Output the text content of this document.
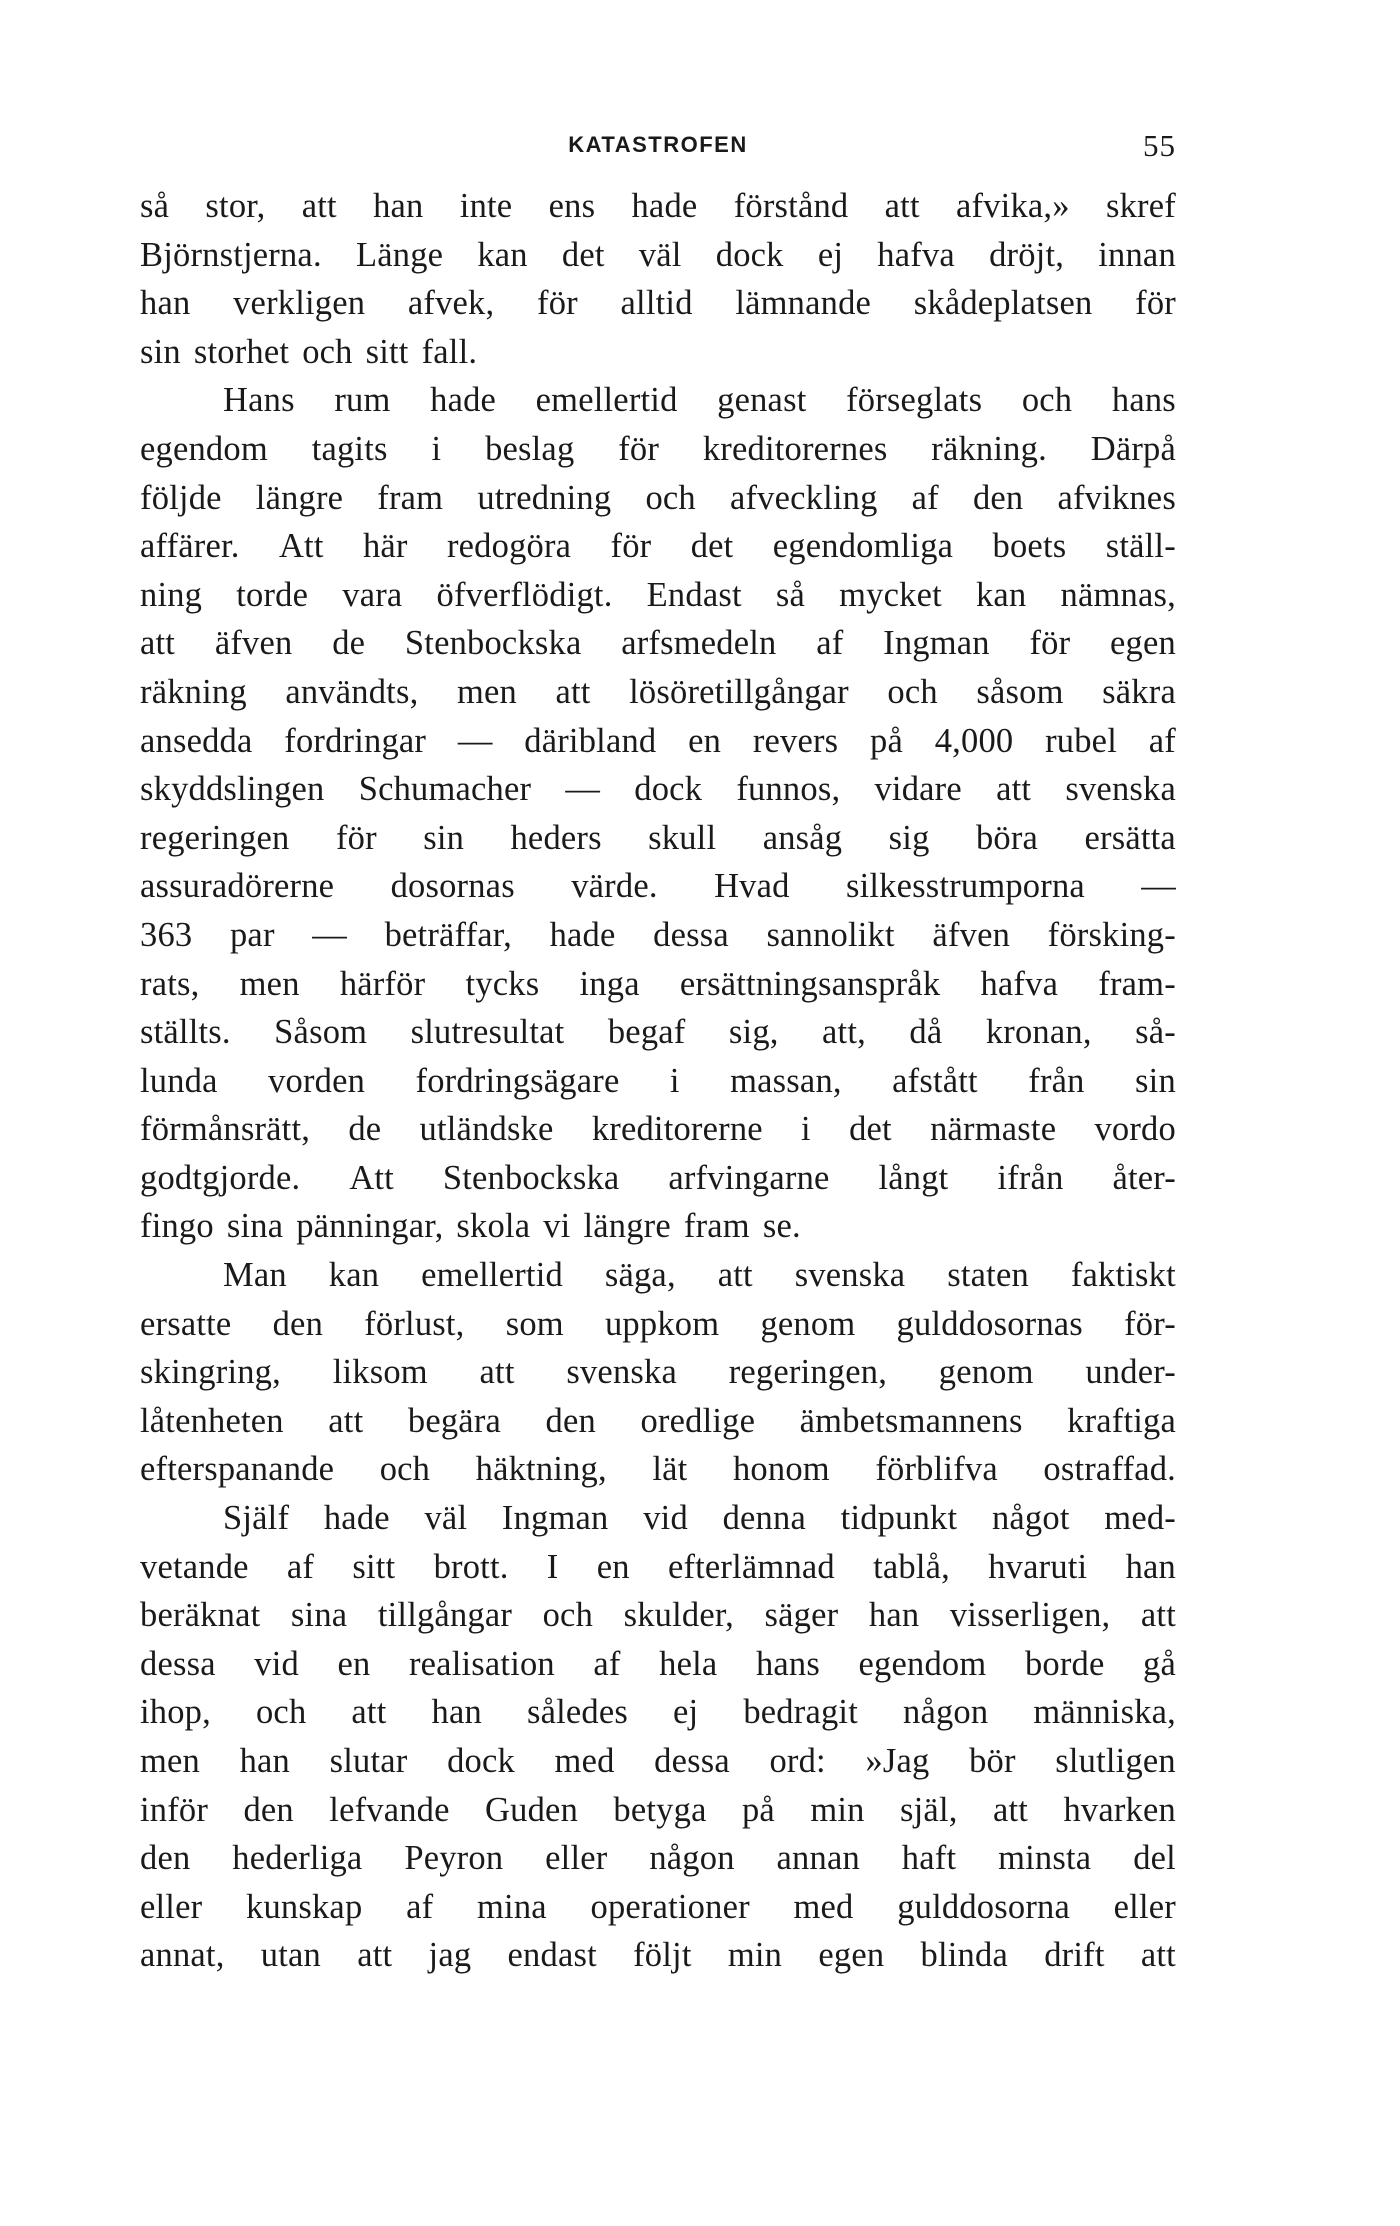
KATASTROFEN	55
så stor, att han inte ens hade förstånd att afvika,» skref
Björnstjerna. Länge kan det väl dock ej hafva dröjt, innan
han verkligen afvek, för alltid lämnande skådeplatsen för
sin storhet och sitt fall.
Hans rum hade emellertid genast förseglats och hans
egendom tagits i beslag för kreditorernes räkning. Därpå
följde längre fram utredning och afveckling af den afviknes
affärer. Att här redogöra för det egendomliga boets ställ-
ning torde vara öfverflödigt. Endast så mycket kan nämnas,
att äfven de Stenbockska arfsmedeln af Ingman för egen
räkning användts, men att lösöretillgångar och såsom säkra
ansedda fordringar — däribland en revers på 4,000 rubel af
skyddslingen Schumacher — dock funnos, vidare att svenska
regeringen för sin heders skull ansåg sig böra ersätta
assuradörerne dosornas värde. Hvad silkesstrumporna —
363 par — beträffar, hade dessa sannolikt äfven försking-
rats, men härför tycks inga ersättningsanspråk hafva fram-
ställts. Såsom slutresultat begaf sig, att, då kronan, så-
lunda vorden fordringsägare i massan, afstått från sin
förmånsrätt, de utländske kreditorerne i det närmaste vordo
godtgjorde. Att Stenbockska arfvingarne långt ifrån åter-
fingo sina pänningar, skola vi längre fram se.
Man kan emellertid säga, att svenska staten faktiskt
ersatte den förlust, som uppkom genom gulddosornas för-
skingring, liksom att svenska regeringen, genom under-
låtenheten att begära den oredlige ämbetsmannens kraftiga
efterspanande och häktning, lät honom förblifva ostraffad.
Själf hade väl Ingman vid denna tidpunkt något med-
vetande af sitt brott. I en efterlämnad tablå, hvaruti han
beräknat sina tillgångar och skulder, säger han visserligen, att
dessa vid en realisation af hela hans egendom borde gå
ihop, och att han således ej bedragit någon människa,
men han slutar dock med dessa ord: »Jag bör slutligen
inför den lefvande Guden betyga på min själ, att hvarken
den hederliga Peyron eller någon annan haft minsta del
eller kunskap af mina operationer med gulddosorna eller
annat, utan att jag endast följt min egen blinda drift att
